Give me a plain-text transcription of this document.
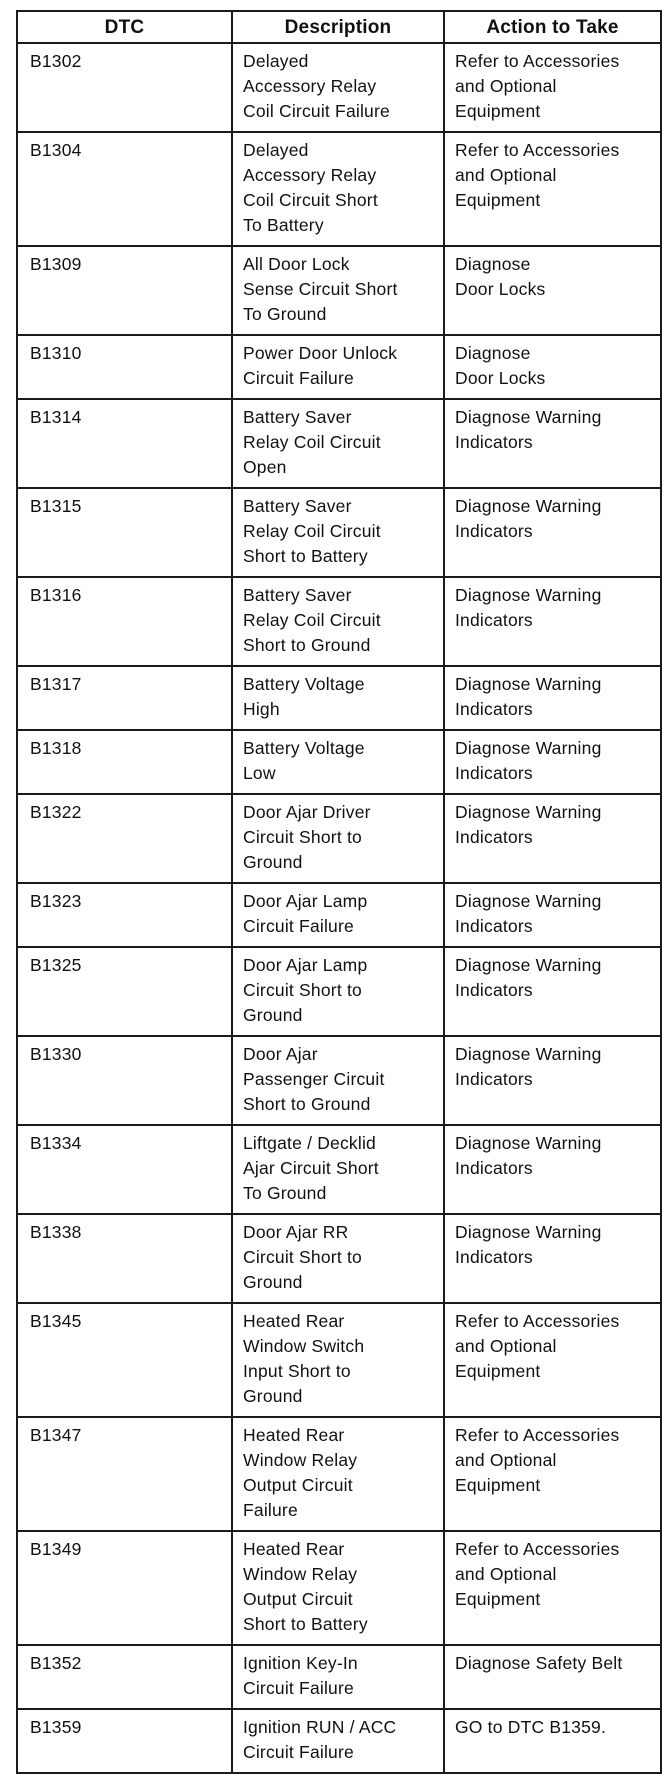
DTC	Description	Action to Take
B1302	Delayed
Accessory Relay
Coil Circuit Failure	Refer to Accessories
and Optional
Equipment
B1304	Delayed
Accessory Relay
Coil Circuit Short
To Battery	Refer to Accessories
and Optional
Equipment
B1309	All Door Lock
Sense Circuit Short
To Ground	Diagnose
Door Locks
B1310	Power Door Unlock
Circuit Failure	Diagnose
Door Locks
B1314	Battery Saver
Relay Coil Circuit
Open	Diagnose Warning
Indicators
B1315	Battery Saver
Relay Coil Circuit
Short to Battery	Diagnose Warning
Indicators
B1316	Battery Saver
Relay Coil Circuit
Short to Ground	Diagnose Warning
Indicators
B1317	Battery Voltage
High	Diagnose Warning
Indicators
B1318	Battery Voltage
Low	Diagnose Warning
Indicators
B1322	Door Ajar Driver
Circuit Short to
Ground	Diagnose Warning
Indicators
B1323	Door Ajar Lamp
Circuit Failure	Diagnose Warning
Indicators
B1325	Door Ajar Lamp
Circuit Short to
Ground	Diagnose Warning
Indicators
B1330	Door Ajar
Passenger Circuit
Short to Ground	Diagnose Warning
Indicators
B1334	Liftgate / Decklid
Ajar Circuit Short
To Ground	Diagnose Warning
Indicators
B1338	Door Ajar RR
Circuit Short to
Ground	Diagnose Warning
Indicators
B1345	Heated Rear
Window Switch
Input Short to
Ground	Refer to Accessories
and Optional
Equipment
B1347	Heated Rear
Window Relay
Output Circuit
Failure	Refer to Accessories
and Optional
Equipment
B1349	Heated Rear
Window Relay
Output Circuit
Short to Battery	Refer to Accessories
and Optional
Equipment
B1352	Ignition Key-In
Circuit Failure	Diagnose Safety Belt
B1359	Ignition RUN / ACC
Circuit Failure	GO to DTC B1359.
